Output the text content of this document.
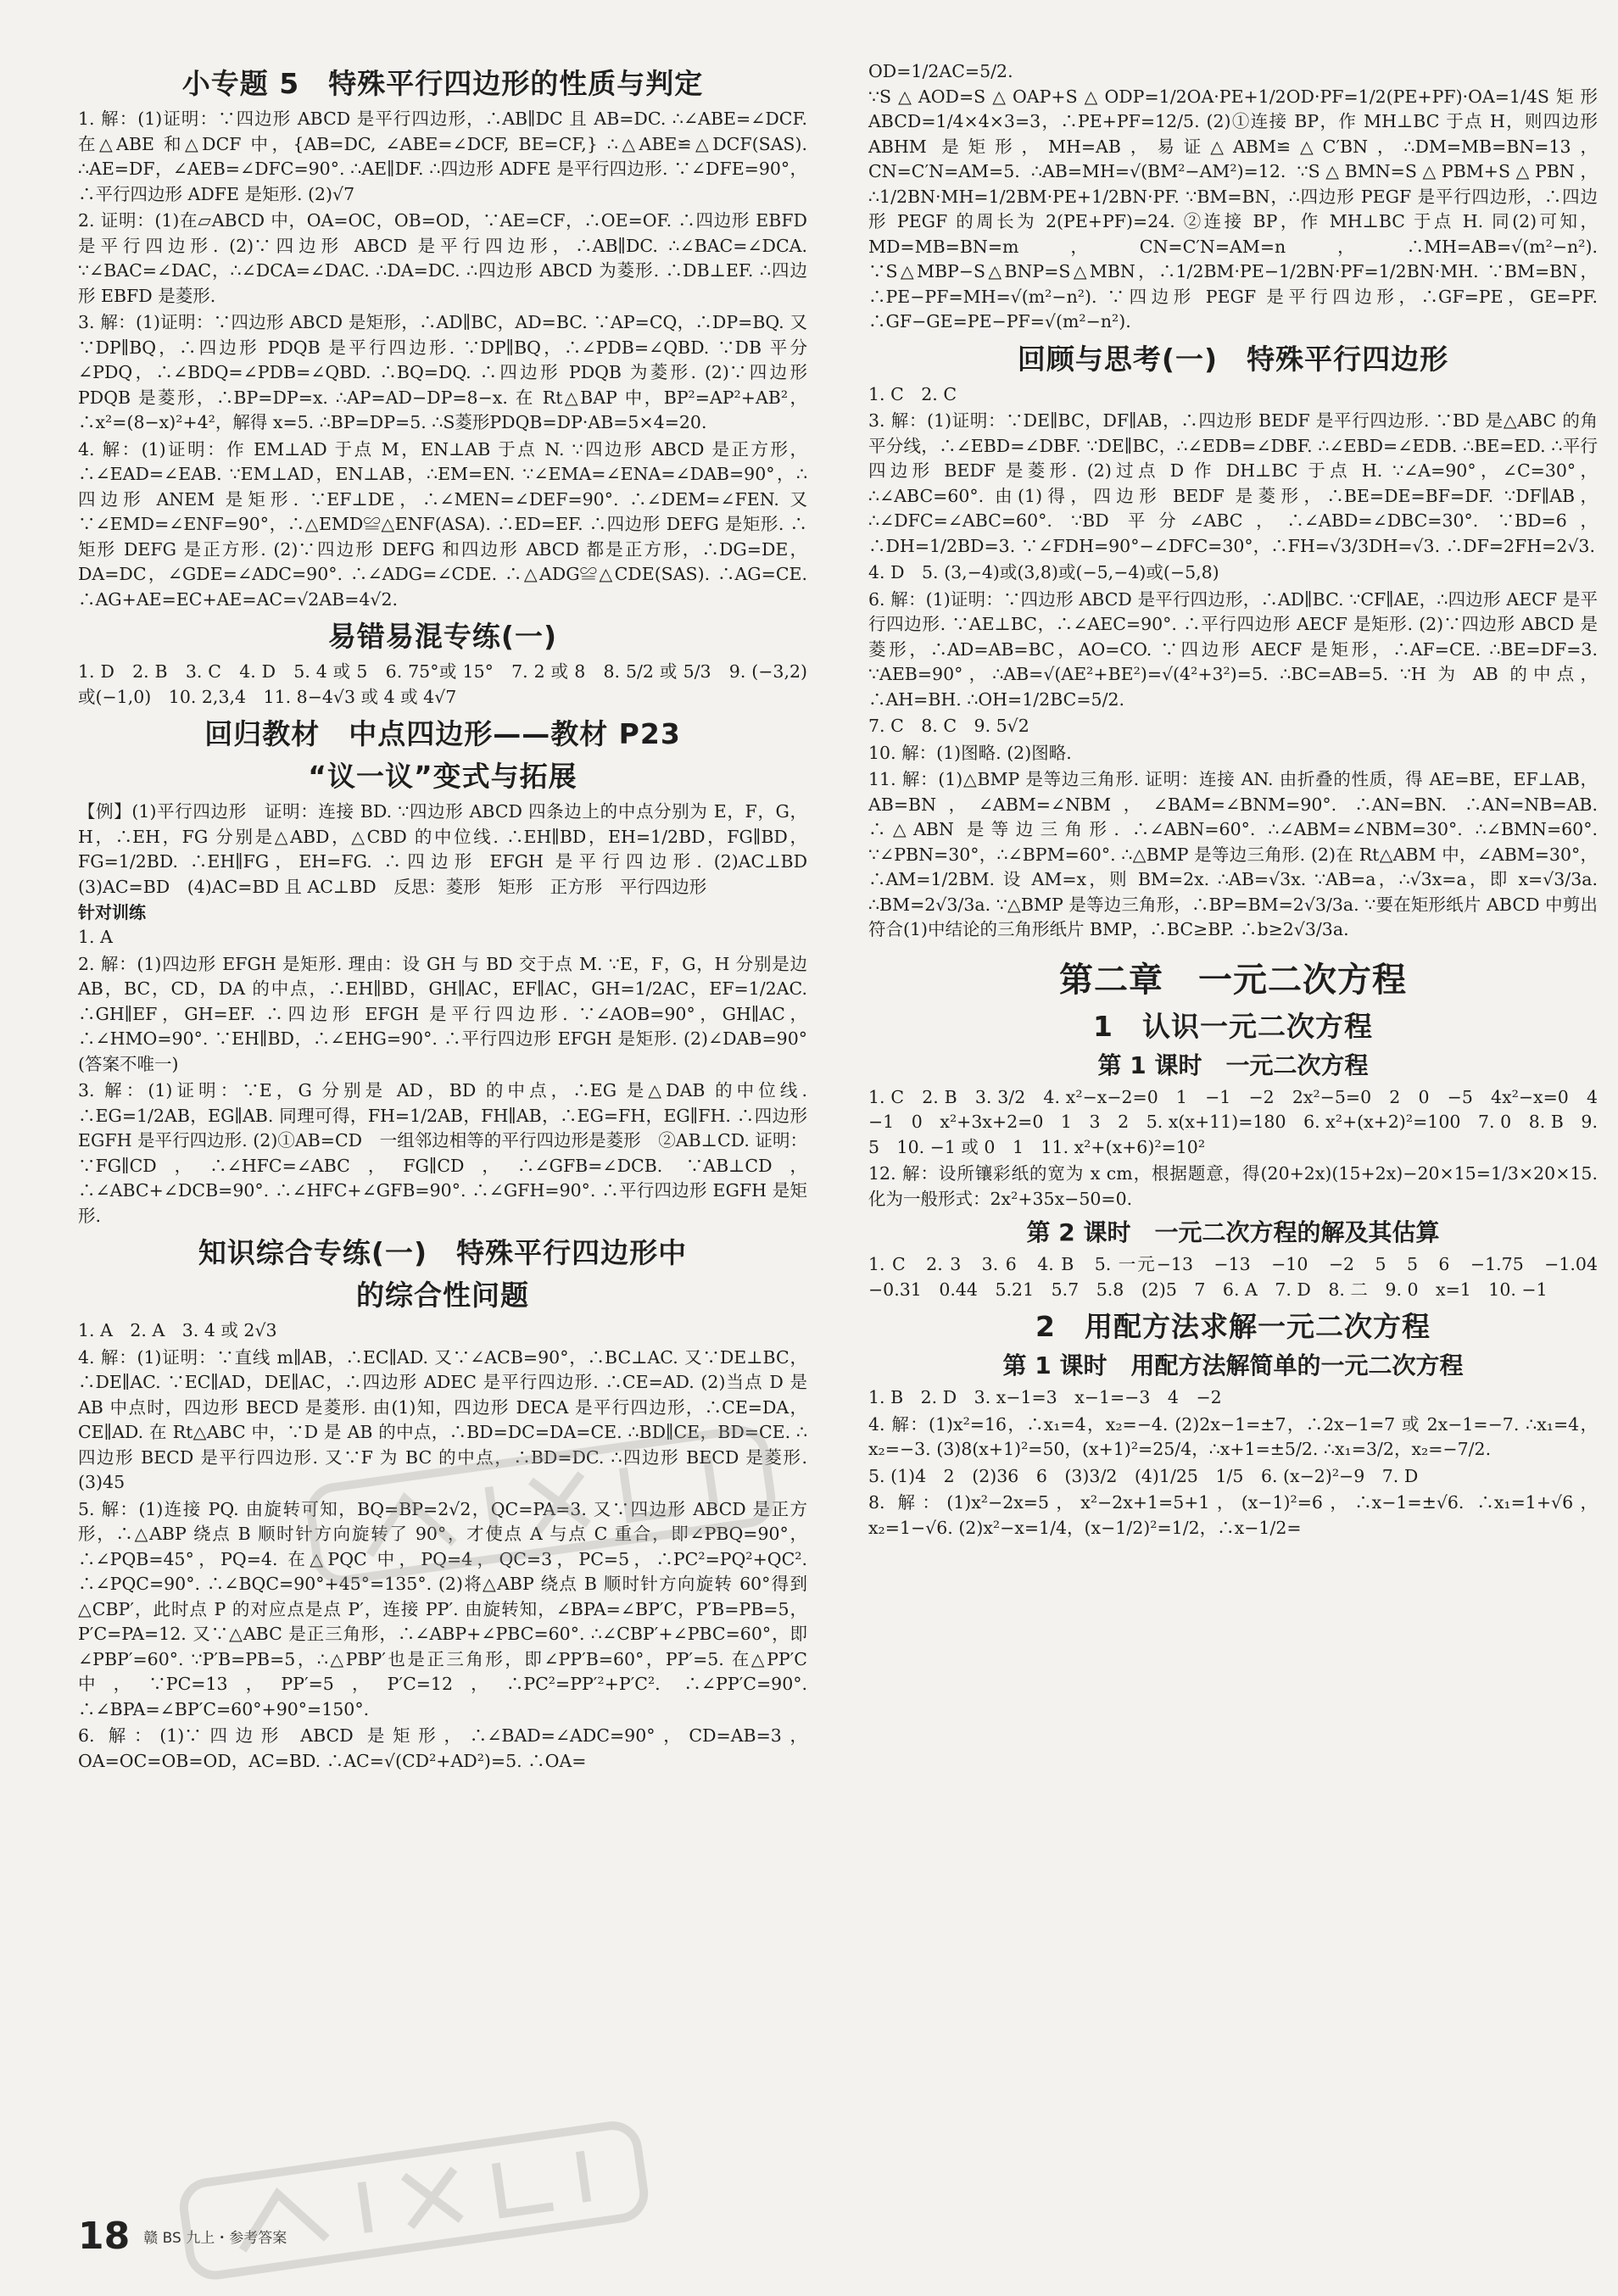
小专题 5　特殊平行四边形的性质与判定

1. 解：(1)证明：∵四边形 ABCD 是平行四边形，∴AB∥DC 且 AB=DC. ∴∠ABE=∠DCF. 在△ABE 和△DCF 中，{AB=DC, ∠ABE=∠DCF, BE=CF,} ∴△ABE≌△DCF(SAS). ∴AE=DF，∠AEB=∠DFC=90°. ∴AE∥DF. ∴四边形 ADFE 是平行四边形. ∵∠DFE=90°，∴平行四边形 ADFE 是矩形. (2)√7

2. 证明：(1)在▱ABCD 中，OA=OC，OB=OD，∵AE=CF，∴OE=OF. ∴四边形 EBFD 是平行四边形. (2)∵四边形 ABCD 是平行四边形，∴AB∥DC. ∴∠BAC=∠DCA. ∵∠BAC=∠DAC，∴∠DCA=∠DAC. ∴DA=DC. ∴四边形 ABCD 为菱形. ∴DB⊥EF. ∴四边形 EBFD 是菱形.

3. 解：(1)证明：∵四边形 ABCD 是矩形，∴AD∥BC，AD=BC. ∵AP=CQ，∴DP=BQ. 又∵DP∥BQ，∴四边形 PDQB 是平行四边形. ∵DP∥BQ，∴∠PDB=∠QBD. ∵DB 平分∠PDQ，∴∠BDQ=∠PDB=∠QBD. ∴BQ=DQ. ∴四边形 PDQB 为菱形. (2)∵四边形 PDQB 是菱形，∴BP=DP=x. ∴AP=AD−DP=8−x. 在 Rt△BAP 中，BP²=AP²+AB²，∴x²=(8−x)²+4²，解得 x=5. ∴BP=DP=5. ∴S菱形PDQB=DP·AB=5×4=20.

4. 解：(1)证明：作 EM⊥AD 于点 M，EN⊥AB 于点 N. ∵四边形 ABCD 是正方形，∴∠EAD=∠EAB. ∵EM⊥AD，EN⊥AB，∴EM=EN. ∵∠EMA=∠ENA=∠DAB=90°，∴四边形 ANEM 是矩形. ∵EF⊥DE，∴∠MEN=∠DEF=90°. ∴∠DEM=∠FEN. 又∵∠EMD=∠ENF=90°，∴△EMD≌△ENF(ASA). ∴ED=EF. ∴四边形 DEFG 是矩形. ∴矩形 DEFG 是正方形. (2)∵四边形 DEFG 和四边形 ABCD 都是正方形，∴DG=DE，DA=DC，∠GDE=∠ADC=90°. ∴∠ADG=∠CDE. ∴△ADG≌△CDE(SAS). ∴AG=CE. ∴AG+AE=EC+AE=AC=√2AB=4√2.

易错易混专练(一)

1. D　2. B　3. C　4. D　5. 4 或 5　6. 75°或 15°　7. 2 或 8　8. 5/2 或 5/3　9. (−3,2)或(−1,0)　10. 2,3,4　11. 8−4√3 或 4 或 4√7

回归教材　中点四边形——教材 P23
“议一议”变式与拓展

【例】(1)平行四边形　证明：连接 BD. ∵四边形 ABCD 四条边上的中点分别为 E，F，G，H，∴EH，FG 分别是△ABD，△CBD 的中位线. ∴EH∥BD，EH=1/2BD，FG∥BD，FG=1/2BD. ∴EH∥FG，EH=FG. ∴四边形 EFGH 是平行四边形. (2)AC⊥BD　(3)AC=BD　(4)AC=BD 且 AC⊥BD　反思：菱形　矩形　正方形　平行四边形

针对训练

1. A

2. 解：(1)四边形 EFGH 是矩形. 理由：设 GH 与 BD 交于点 M. ∵E，F，G，H 分别是边 AB，BC，CD，DA 的中点，∴EH∥BD，GH∥AC，EF∥AC，GH=1/2AC，EF=1/2AC. ∴GH∥EF，GH=EF. ∴四边形 EFGH 是平行四边形. ∵∠AOB=90°，GH∥AC，∴∠HMO=90°. ∵EH∥BD，∴∠EHG=90°. ∴平行四边形 EFGH 是矩形. (2)∠DAB=90°(答案不唯一)

3. 解：(1)证明：∵E，G 分别是 AD，BD 的中点，∴EG 是△DAB 的中位线. ∴EG=1/2AB，EG∥AB. 同理可得，FH=1/2AB，FH∥AB，∴EG=FH，EG∥FH. ∴四边形 EGFH 是平行四边形. (2)①AB=CD　一组邻边相等的平行四边形是菱形　②AB⊥CD. 证明：∵FG∥CD，∴∠HFC=∠ABC，FG∥CD，∴∠GFB=∠DCB. ∵AB⊥CD，∴∠ABC+∠DCB=90°. ∴∠HFC+∠GFB=90°. ∴∠GFH=90°. ∴平行四边形 EGFH 是矩形.

知识综合专练(一)　特殊平行四边形中
的综合性问题

1. A　2. A　3. 4 或 2√3

4. 解：(1)证明：∵直线 m∥AB，∴EC∥AD. 又∵∠ACB=90°，∴BC⊥AC. 又∵DE⊥BC，∴DE∥AC. ∵EC∥AD，DE∥AC，∴四边形 ADEC 是平行四边形. ∴CE=AD. (2)当点 D 是 AB 中点时，四边形 BECD 是菱形. 由(1)知，四边形 DECA 是平行四边形，∴CE=DA，CE∥AD. 在 Rt△ABC 中，∵D 是 AB 的中点，∴BD=DC=DA=CE. ∴BD∥CE，BD=CE. ∴四边形 BECD 是平行四边形. 又∵F 为 BC 的中点，∴BD=DC. ∴四边形 BECD 是菱形. (3)45

5. 解：(1)连接 PQ. 由旋转可知，BQ=BP=2√2，QC=PA=3. 又∵四边形 ABCD 是正方形，∴△ABP 绕点 B 顺时针方向旋转了 90°，才使点 A 与点 C 重合，即∠PBQ=90°，∴∠PQB=45°，PQ=4. 在△PQC 中，PQ=4，QC=3，PC=5，∴PC²=PQ²+QC². ∴∠PQC=90°. ∴∠BQC=90°+45°=135°. (2)将△ABP 绕点 B 顺时针方向旋转 60°得到△CBP′，此时点 P 的对应点是点 P′，连接 PP′. 由旋转知，∠BPA=∠BP′C，P′B=PB=5，P′C=PA=12. 又∵△ABC 是正三角形，∴∠ABP+∠PBC=60°. ∴∠CBP′+∠PBC=60°，即∠PBP′=60°. ∵P′B=PB=5，∴△PBP′也是正三角形，即∠PP′B=60°，PP′=5. 在△PP′C 中，∵PC=13，PP′=5，P′C=12，∴PC²=PP′²+P′C². ∴∠PP′C=90°. ∴∠BPA=∠BP′C=60°+90°=150°.

6. 解：(1)∵四边形 ABCD 是矩形，∴∠BAD=∠ADC=90°，CD=AB=3，OA=OC=OB=OD，AC=BD. ∴AC=√(CD²+AD²)=5. ∴OA=

OD=1/2AC=5/2. ∵S△AOD=S△OAP+S△ODP=1/2OA·PE+1/2OD·PF=1/2(PE+PF)·OA=1/4S矩形ABCD=1/4×4×3=3，∴PE+PF=12/5. (2)①连接 BP，作 MH⊥BC 于点 H，则四边形 ABHM 是矩形，MH=AB，易证△ABM≌△C′BN，∴DM=MB=BN=13，CN=C′N=AM=5. ∴AB=MH=√(BM²−AM²)=12. ∵S△BMN=S△PBM+S△PBN，∴1/2BN·MH=1/2BM·PE+1/2BN·PF. ∵BM=BN，∴四边形 PEGF 是平行四边形，∴四边形 PEGF 的周长为 2(PE+PF)=24. ②连接 BP，作 MH⊥BC 于点 H. 同(2)可知，MD=MB=BN=m，CN=C′N=AM=n，∴MH=AB=√(m²−n²). ∵S△MBP−S△BNP=S△MBN，∴1/2BM·PE−1/2BN·PF=1/2BN·MH. ∵BM=BN，∴PE−PF=MH=√(m²−n²). ∵四边形 PEGF 是平行四边形，∴GF=PE，GE=PF. ∴GF−GE=PE−PF=√(m²−n²).

回顾与思考(一)　特殊平行四边形

1. C　2. C

3. 解：(1)证明：∵DE∥BC，DF∥AB，∴四边形 BEDF 是平行四边形. ∵BD 是△ABC 的角平分线，∴∠EBD=∠DBF. ∵DE∥BC，∴∠EDB=∠DBF. ∴∠EBD=∠EDB. ∴BE=ED. ∴平行四边形 BEDF 是菱形. (2)过点 D 作 DH⊥BC 于点 H. ∵∠A=90°，∠C=30°，∴∠ABC=60°. 由(1)得，四边形 BEDF 是菱形，∴BE=DE=BF=DF. ∵DF∥AB，∴∠DFC=∠ABC=60°. ∵BD 平分∠ABC，∴∠ABD=∠DBC=30°. ∵BD=6，∴DH=1/2BD=3. ∵∠FDH=90°−∠DFC=30°，∴FH=√3/3DH=√3. ∴DF=2FH=2√3.

4. D　5. (3,−4)或(3,8)或(−5,−4)或(−5,8)

6. 解：(1)证明：∵四边形 ABCD 是平行四边形，∴AD∥BC. ∵CF∥AE，∴四边形 AECF 是平行四边形. ∵AE⊥BC，∴∠AEC=90°. ∴平行四边形 AECF 是矩形. (2)∵四边形 ABCD 是菱形，∴AD=AB=BC，AO=CO. ∵四边形 AECF 是矩形，∴AF=CE. ∴BE=DF=3. ∵AEB=90°，∴AB=√(AE²+BE²)=√(4²+3²)=5. ∴BC=AB=5. ∵H 为 AB 的中点，∴AH=BH. ∴OH=1/2BC=5/2.

7. C　8. C　9. 5√2

10. 解：(1)图略. (2)图略.

11. 解：(1)△BMP 是等边三角形. 证明：连接 AN. 由折叠的性质，得 AE=BE，EF⊥AB，AB=BN，∠ABM=∠NBM，∠BAM=∠BNM=90°. ∴AN=BN. ∴AN=NB=AB. ∴△ABN 是等边三角形. ∴∠ABN=60°. ∴∠ABM=∠NBM=30°. ∴∠BMN=60°. ∵∠PBN=30°，∴∠BPM=60°. ∴△BMP 是等边三角形. (2)在 Rt△ABM 中，∠ABM=30°，∴AM=1/2BM. 设 AM=x，则 BM=2x. ∴AB=√3x. ∵AB=a，∴√3x=a，即 x=√3/3a. ∴BM=2√3/3a. ∵△BMP 是等边三角形，∴BP=BM=2√3/3a. ∵要在矩形纸片 ABCD 中剪出符合(1)中结论的三角形纸片 BMP，∴BC≥BP. ∴b≥2√3/3a.

第二章　一元二次方程
1　认识一元二次方程
第 1 课时　一元二次方程

1. C　2. B　3. 3/2　4. x²−x−2=0　1　−1　−2　2x²−5=0　2　0　−5　4x²−x=0　4　−1　0　x²+3x+2=0　1　3　2　5. x(x+11)=180　6. x²+(x+2)²=100　7. 0　8. B　9. 5　10. −1 或 0　1　11. x²+(x+6)²=10²

12. 解：设所镶彩纸的宽为 x cm，根据题意，得(20+2x)(15+2x)−20×15=1/3×20×15. 化为一般形式：2x²+35x−50=0.

第 2 课时　一元二次方程的解及其估算

1. C　2. 3　3. 6　4. B　5. 一元−13　−13　−10　−2　5　5　6　−1.75　−1.04　−0.31　0.44　5.21　5.7　5.8　(2)5　7　6. A　7. D　8. 二　9. 0　x=1　10. −1

2　用配方法求解一元二次方程
第 1 课时　用配方法解简单的一元二次方程

1. B　2. D　3. x−1=3　x−1=−3　4　−2

4. 解：(1)x²=16，∴x₁=4，x₂=−4. (2)2x−1=±7，∴2x−1=7 或 2x−1=−7. ∴x₁=4，x₂=−3. (3)8(x+1)²=50，(x+1)²=25/4，∴x+1=±5/2. ∴x₁=3/2，x₂=−7/2.

5. (1)4　2　(2)36　6　(3)3/2　(4)1/25　1/5　6. (x−2)²−9　7. D

8. 解：(1)x²−2x=5，x²−2x+1=5+1，(x−1)²=6，∴x−1=±√6. ∴x₁=1+√6，x₂=1−√6. (2)x²−x=1/4，(x−1/2)²=1/2，∴x−1/2=

18 赣 BS 九上・参考答案
